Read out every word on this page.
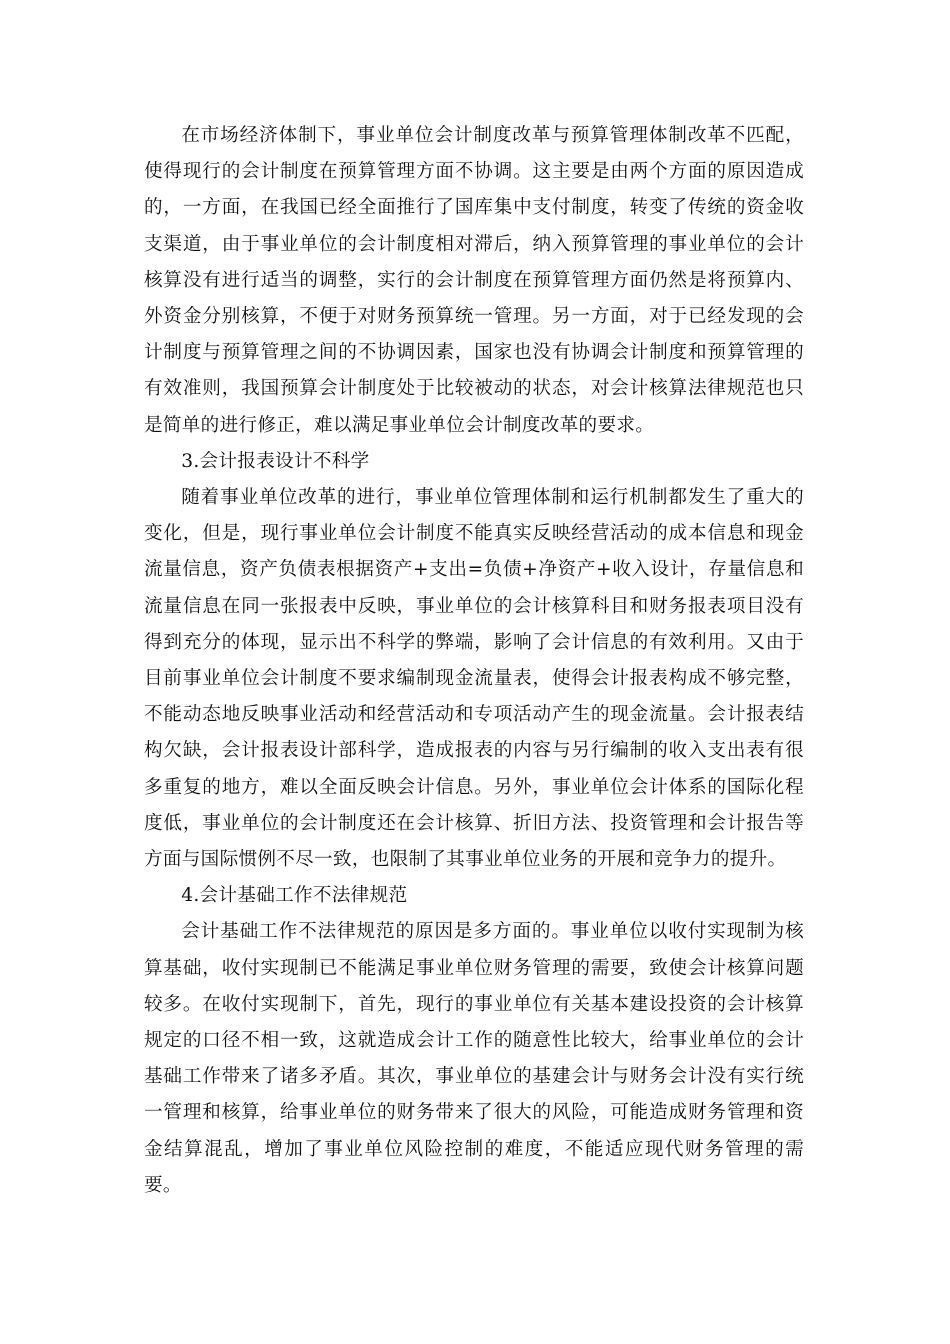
在市场经济体制下，事业单位会计制度改革与预算管理体制改革不匹配，使得现行的会计制度在预算管理方面不协调。这主要是由两个方面的原因造成的，一方面，在我国已经全面推行了国库集中支付制度，转变了传统的资金收支渠道，由于事业单位的会计制度相对滞后，纳入预算管理的事业单位的会计核算没有进行适当的调整，实行的会计制度在预算管理方面仍然是将预算内、外资金分别核算，不便于对财务预算统一管理。另一方面，对于已经发现的会计制度与预算管理之间的不协调因素，国家也没有协调会计制度和预算管理的有效准则，我国预算会计制度处于比较被动的状态，对会计核算法律规范也只是简单的进行修正，难以满足事业单位会计制度改革的要求。

3.会计报表设计不科学

随着事业单位改革的进行，事业单位管理体制和运行机制都发生了重大的变化，但是，现行事业单位会计制度不能真实反映经营活动的成本信息和现金流量信息，资产负债表根据资产+支出=负债+净资产+收入设计，存量信息和流量信息在同一张报表中反映，事业单位的会计核算科目和财务报表项目没有得到充分的体现，显示出不科学的弊端，影响了会计信息的有效利用。又由于目前事业单位会计制度不要求编制现金流量表，使得会计报表构成不够完整，不能动态地反映事业活动和经营活动和专项活动产生的现金流量。会计报表结构欠缺，会计报表设计部科学，造成报表的内容与另行编制的收入支出表有很多重复的地方，难以全面反映会计信息。另外，事业单位会计体系的国际化程度低，事业单位的会计制度还在会计核算、折旧方法、投资管理和会计报告等方面与国际惯例不尽一致，也限制了其事业单位业务的开展和竞争力的提升。

4.会计基础工作不法律规范

会计基础工作不法律规范的原因是多方面的。事业单位以收付实现制为核算基础，收付实现制已不能满足事业单位财务管理的需要，致使会计核算问题较多。在收付实现制下，首先，现行的事业单位有关基本建设投资的会计核算规定的口径不相一致，这就造成会计工作的随意性比较大，给事业单位的会计基础工作带来了诸多矛盾。其次，事业单位的基建会计与财务会计没有实行统一管理和核算，给事业单位的财务带来了很大的风险，可能造成财务管理和资金结算混乱，增加了事业单位风险控制的难度，不能适应现代财务管理的需要。
